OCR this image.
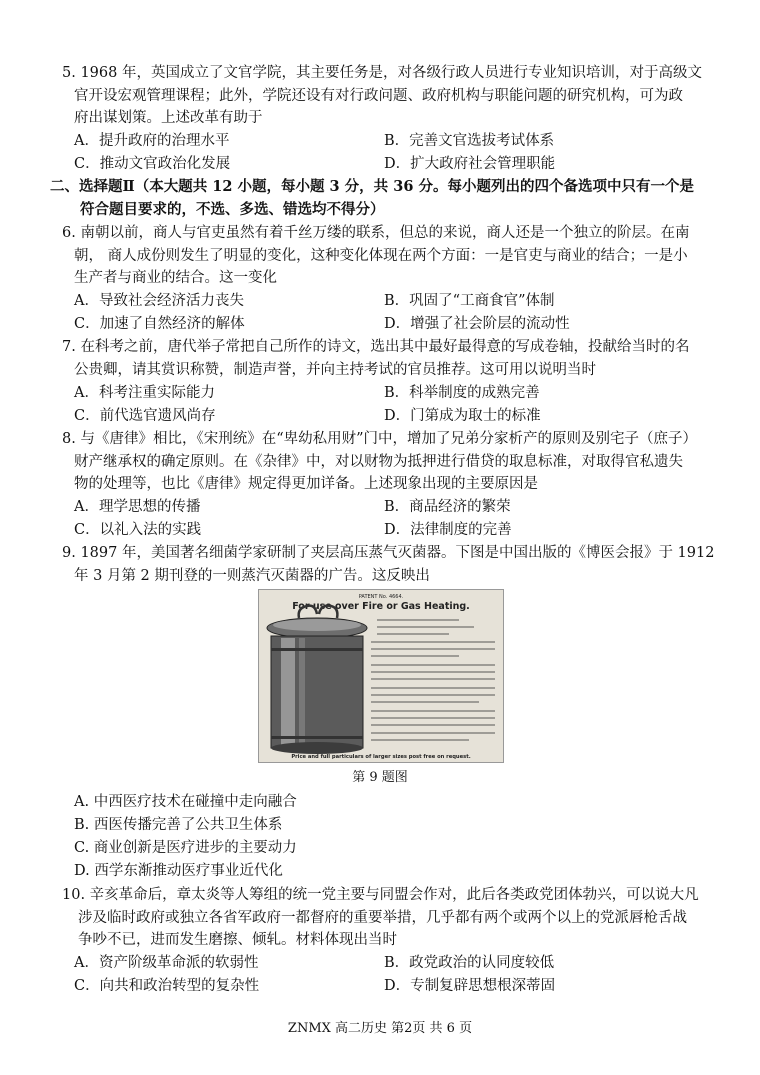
5. 1968 年，英国成立了文官学院，其主要任务是，对各级行政人员进行专业知识培训，对于高级文
官开设宏观管理课程；此外，学院还设有对行政问题、政府机构与职能问题的研究机构，可为政
府出谋划策。上述改革有助于
A．提升政府的治理水平	B．完善文官选拔考试体系
C．推动文官政治化发展	D．扩大政府社会管理职能
二、选择题Ⅱ（本大题共 12 小题，每小题 3 分，共 36 分。每小题列出的四个备选项中只有一个是
符合题目要求的，不选、多选、错选均不得分）
6. 南朝以前，商人与官吏虽然有着千丝万缕的联系，但总的来说，商人还是一个独立的阶层。在南
朝， 商人成份则发生了明显的变化，这种变化体现在两个方面：一是官吏与商业的结合；一是小
生产者与商业的结合。这一变化
A．导致社会经济活力丧失	B．巩固了“工商食官”体制
C．加速了自然经济的解体	D．增强了社会阶层的流动性
7. 在科考之前，唐代举子常把自己所作的诗文，选出其中最好最得意的写成卷轴，投献给当时的名
公贵卿，请其赏识称赞，制造声誉，并向主持考试的官员推荐。这可用以说明当时
A．科考注重实际能力	B．科举制度的成熟完善
C．前代选官遗风尚存	D．门第成为取士的标准
8. 与《唐律》相比，《宋刑统》在“卑幼私用财”门中，增加了兄弟分家析产的原则及别宅子（庶子）
财产继承权的确定原则。在《杂律》中，对以财物为抵押进行借贷的取息标准，对取得官私遗失
物的处理等，也比《唐律》规定得更加详备。上述现象出现的主要原因是
A．理学思想的传播	B．商品经济的繁荣
C．以礼入法的实践	D．法律制度的完善
9. 1897 年，美国著名细菌学家研制了夹层高压蒸气灭菌器。下图是中国出版的《博医会报》于 1912
年 3 月第 2 期刊登的一则蒸汽灭菌器的广告。这反映出
PATENT No. 4664.
For use over Fire or Gas Heating.
Price and full particulars of larger sizes post free on request.
第 9 题图
A. 中西医疗技术在碰撞中走向融合
B. 西医传播完善了公共卫生体系
C. 商业创新是医疗进步的主要动力
D. 西学东渐推动医疗事业近代化
10. 辛亥革命后，章太炎等人筹组的统一党主要与同盟会作对，此后各类政党团体勃兴，可以说大凡
涉及临时政府或独立各省军政府一都督府的重要举措，几乎都有两个或两个以上的党派唇枪舌战
争吵不已，进而发生磨擦、倾轧。材料体现出当时
A．资产阶级革命派的软弱性	B．政党政治的认同度较低
C．向共和政治转型的复杂性	D．专制复辟思想根深蒂固
ZNMX 高二历史 第2页 共 6 页
